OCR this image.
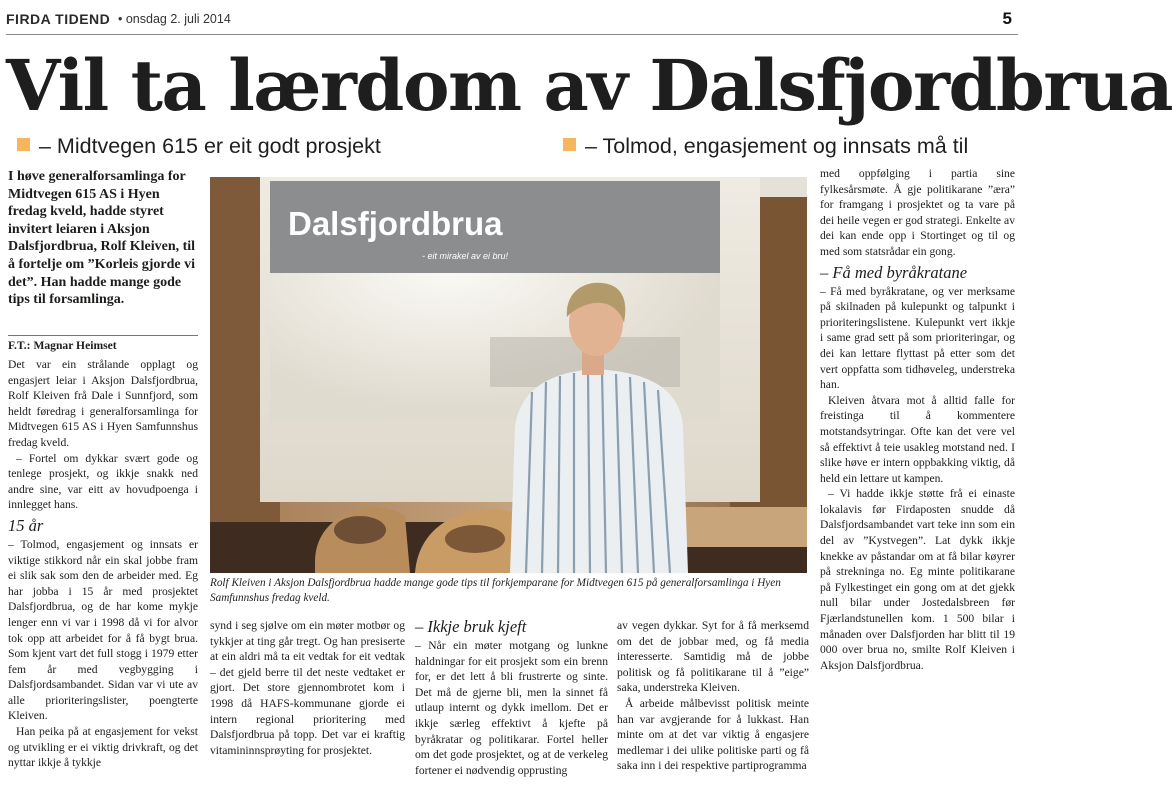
FIRDA TIDEND • onsdag 2. juli 2014	5
Vil ta lærdom av Dalsfjordbrua
– Midtvegen 615 er eit godt prosjekt	– Tolmod, engasjement og innsats må til
I høve generalforsamlinga for Midtvegen 615 AS i Hyen fredag kveld, hadde styret invitert leiaren i Aksjon Dalsfjordbrua, Rolf Kleiven, til å fortelje om ”Korleis gjorde vi det”. Han hadde mange gode tips til forsamlinga.
F.T.: Magnar Heimset

Det var ein strålande opplagt og engasjert leiar i Aksjon Dalsfjordbrua, Rolf Kleiven frå Dale i Sunnfjord, som heldt føredrag i generalforsamlinga for Midtvegen 615 AS i Hyen Samfunnshus fredag kveld.

– Fortel om dykkar svært gode og tenlege prosjekt, og ikkje snakk ned andre sine, var eitt av hovudpoenga i innlegget hans.

15 år

– Tolmod, engasjement og innsats er viktige stikkord når ein skal jobbe fram ei slik sak som den de arbeider med. Eg har jobba i 15 år med prosjektet Dalsfjordbrua, og de har kome mykje lenger enn vi var i 1998 då vi for alvor tok opp att arbeidet for å få bygt brua. Som kjent vart det full stogg i 1979 etter fem år med vegbygging i Dalsfjordsambandet. Sidan var vi ute av alle prioriteringslister, poengterte Kleiven.

Han peika på at engasjement for vekst og utvikling er ei viktig drivkraft, og det nyttar ikkje å tykkje

Dalsfjordbrua
- eit mirakel av ei bru!
Rolf Kleiven i Aksjon Dalsfjordbrua hadde mange gode tips til forkjemparane for Midtvegen 615 på generalforsamlinga i Hyen Samfunnshus fredag kveld.

synd i seg sjølve om ein møter motbør og tykkjer at ting går tregt. Og han presiserte at ein aldri må ta eit vedtak for eit vedtak – det gjeld berre til det neste vedtaket er gjort. Det store gjennombrotet kom i 1998 då HAFS-kommunane gjorde ei intern regional prioritering med Dalsfjordbrua på topp. Det var ei kraftig vitamininnsprøyting for prosjektet.

– Ikkje bruk kjeft

– Når ein møter motgang og lunkne haldningar for eit prosjekt som ein brenn for, er det lett å bli frustrerte og sinte. Det må de gjerne bli, men la sinnet få utlaup internt og dykk imellom. Det er ikkje særleg effektivt å kjefte på byråkratar og politikarar. Fortel heller om det gode prosjektet, og at de verkeleg fortener ei nødvendig opprusting

av vegen dykkar. Syt for å få merksemd om det de jobbar med, og få media interesserte. Samtidig må de jobbe politisk og få politikarane til å ”eige” saka, understreka Kleiven.

Å arbeide målbevisst politisk meinte han var avgjerande for å lukkast. Han minte om at det var viktig å engasjere medlemar i dei ulike politiske parti og få saka inn i dei respektive partiprogramma

med oppfølging i partia sine fylkesårsmøte. Å gje politikarane ”æra” for framgang i prosjektet og ta vare på dei heile vegen er god strategi. Enkelte av dei kan ende opp i Stortinget og til og med som statsrådar ein gong.

– Få med byråkratane

– Få med byråkratane, og ver merksame på skilnaden på kulepunkt og talpunkt i prioriteringslistene. Kulepunkt vert ikkje i same grad sett på som prioriteringar, og dei kan lettare flyttast på etter som det vert oppfatta som tidhøveleg, understreka han.

Kleiven åtvara mot å alltid falle for freistinga til å kommentere motstandsytringar. Ofte kan det vere vel så effektivt å teie usakleg motstand ned. I slike høve er intern oppbakking viktig, då held ein lettare ut kampen.

– Vi hadde ikkje støtte frå ei einaste lokalavis før Firdaposten snudde då Dalsfjordsambandet vart teke inn som ein del av ”Kystvegen”. Lat dykk ikkje knekke av påstandar om at få bilar køyrer på strekninga no. Eg minte politikarane på Fylkestinget ein gong om at det gjekk null bilar under Jostedalsbreen før Fjærlandstunellen kom. 1 500 bilar i månaden over Dalsfjorden har blitt til 19 000 over brua no, smilte Rolf Kleiven i Aksjon Dalsfjordbrua.
